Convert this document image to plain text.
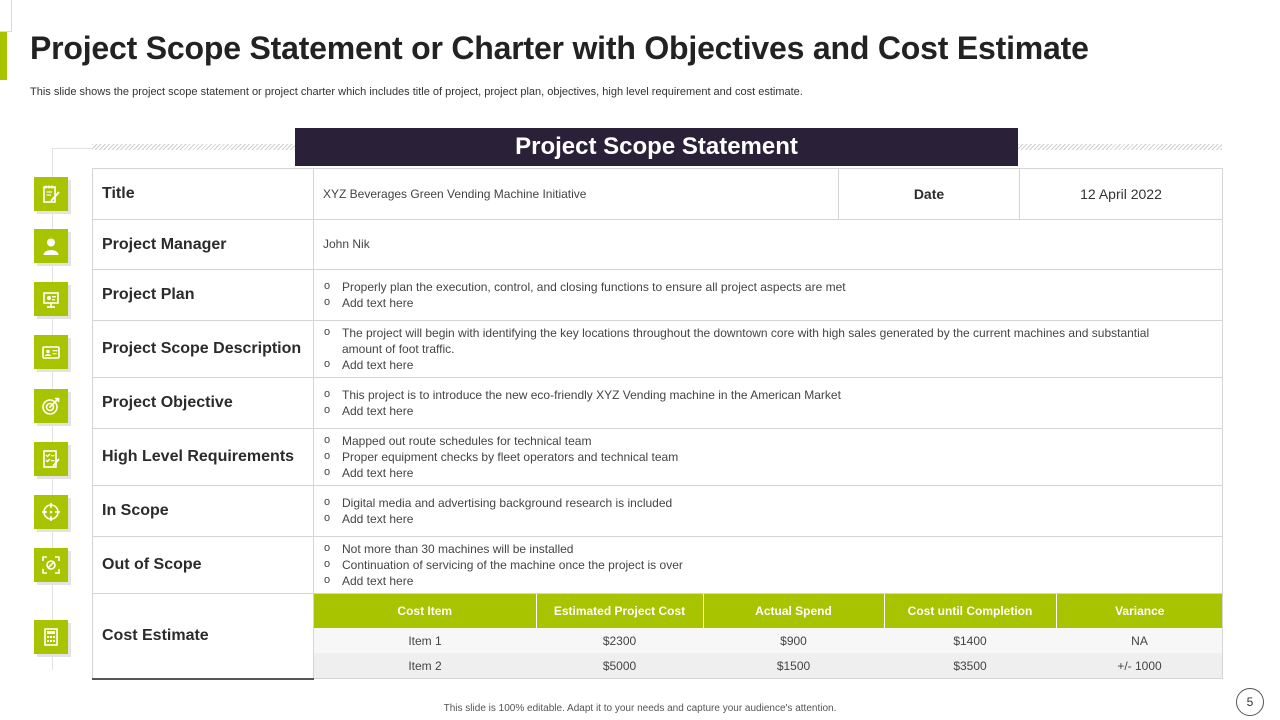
Project Scope Statement or Charter with Objectives and Cost Estimate

This slide shows the project scope statement or project charter which includes title of project, project plan, objectives, high level requirement and cost estimate.

Project Scope Statement
Title	XYZ Beverages Green Vending Machine Initiative	Date	12 April 2022
Project Manager	John Nik
Project Plan	
oProperly plan the execution, control, and closing functions to ensure all project aspects are met
o Add text here

Project Scope Description	
o The project will begin with identifying the key locations throughout the downtown core with high sales generated by the current machines and substantial amount of foot traffic.
o Add text here

Project Objective	
oThis project is to introduce the new eco-friendly XYZ Vending machine in the American Market
o Add text here

High Level Requirements	
o Mapped out route schedules for technical team
o Proper equipment checks by fleet operators and technical team
o Add text here

In Scope	
oDigital media and advertising background research is included
o Add text here

Out of Scope	
o Not more than 30 machines will be installed
o Continuation of servicing of the machine once the project is over
o Add text here

Cost Estimate	
Cost Item	Estimated Project Cost	Actual Spend	Cost until Completion	Variance
Item 1	$2300	$900	$1400	NA
Item 2	$5000	$1500	$3500	+/- 1000
This slide is 100% editable. Adapt it to your needs and capture your audience's attention.	5
